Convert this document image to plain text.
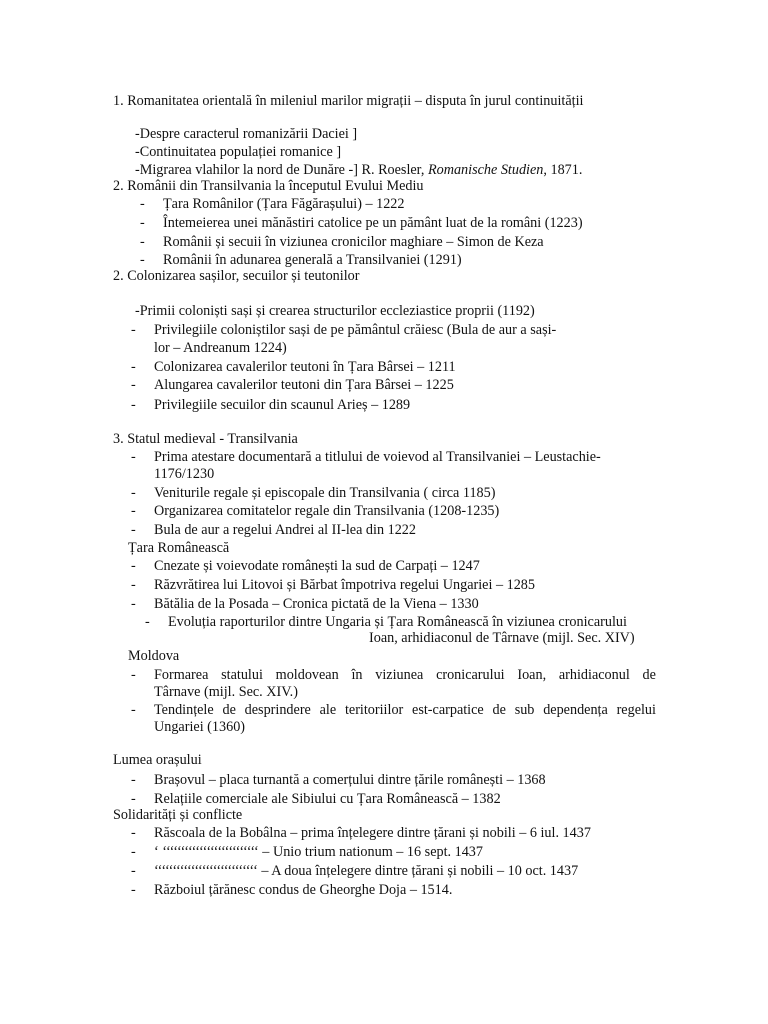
1. Romanitatea orientală în mileniul marilor migrații – disputa în jurul continuității
-Despre caracterul romanizării Daciei ]
-Continuitatea populației romanice ]
-Migrarea vlahilor la nord de Dunăre -] R. Roesler, Romanische Studien, 1871.
2. Românii din Transilvania la începutul Evului Mediu
- Țara Românilor (Țara Făgărașului) – 1222
- Întemeierea unei mănăstiri catolice pe un pământ luat de la români (1223)
- Românii și secuii în viziunea cronicilor maghiare – Simon de Keza
- Românii în adunarea generală a Transilvaniei (1291)
2. Colonizarea sașilor, secuilor și teutonilor
-Primii coloniști sași și crearea structurilor eccleziastice proprii (1192)
- Privilegiile coloniștilor sași de pe pământul crăiesc (Bula de aur a sași-
lor – Andreanum 1224)
- Colonizarea cavalerilor teutoni în Țara Bârsei – 1211
- Alungarea cavalerilor teutoni din Țara Bârsei – 1225
- Privilegiile secuilor din scaunul Arieș – 1289
3. Statul medieval - Transilvania
- Prima atestare documentară a titlului de voievod al Transilvaniei – Leustachie-
1176/1230
- Veniturile regale și episcopale din Transilvania ( circa 1185)
- Organizarea comitatelor regale din Transilvania (1208-1235)
- Bula de aur a regelui Andrei al II-lea din 1222
Țara Românească
- Cnezate și voievodate românești la sud de Carpați – 1247
- Răzvrătirea lui Litovoi și Bărbat împotriva regelui Ungariei – 1285
- Bătălia de la Posada – Cronica pictată de la Viena – 1330
- Evoluția raporturilor dintre Ungaria și Țara Românească în viziunea cronicarului
Ioan, arhidiaconul de Târnave (mijl. Sec. XIV)
Moldova
- Formarea statului moldovean în viziunea cronicarului Ioan, arhidiaconul de
Târnave (mijl. Sec. XIV.)
- Tendințele de desprindere ale teritoriilor est-carpatice de sub dependența regelui
Ungariei (1360)
Lumea orașului
- Brașovul – placa turnantă a comerțului dintre țările românești – 1368
- Relațiile comerciale ale Sibiului cu Țara Românească – 1382
Solidarități și conflicte
- Răscoala de la Bobâlna – prima înțelegere dintre țărani și nobili – 6 iul. 1437
- ‘ ‘‘‘‘‘‘‘‘‘‘‘‘‘‘‘‘‘‘‘‘‘‘‘‘‘‘ – Unio trium nationum – 16 sept. 1437
- ‘‘‘‘‘‘‘‘‘‘‘‘‘‘‘‘‘‘‘‘‘‘‘‘‘‘‘‘ – A doua înțelegere dintre țărani și nobili – 10 oct. 1437
- Războiul țărănesc condus de Gheorghe Doja – 1514.
